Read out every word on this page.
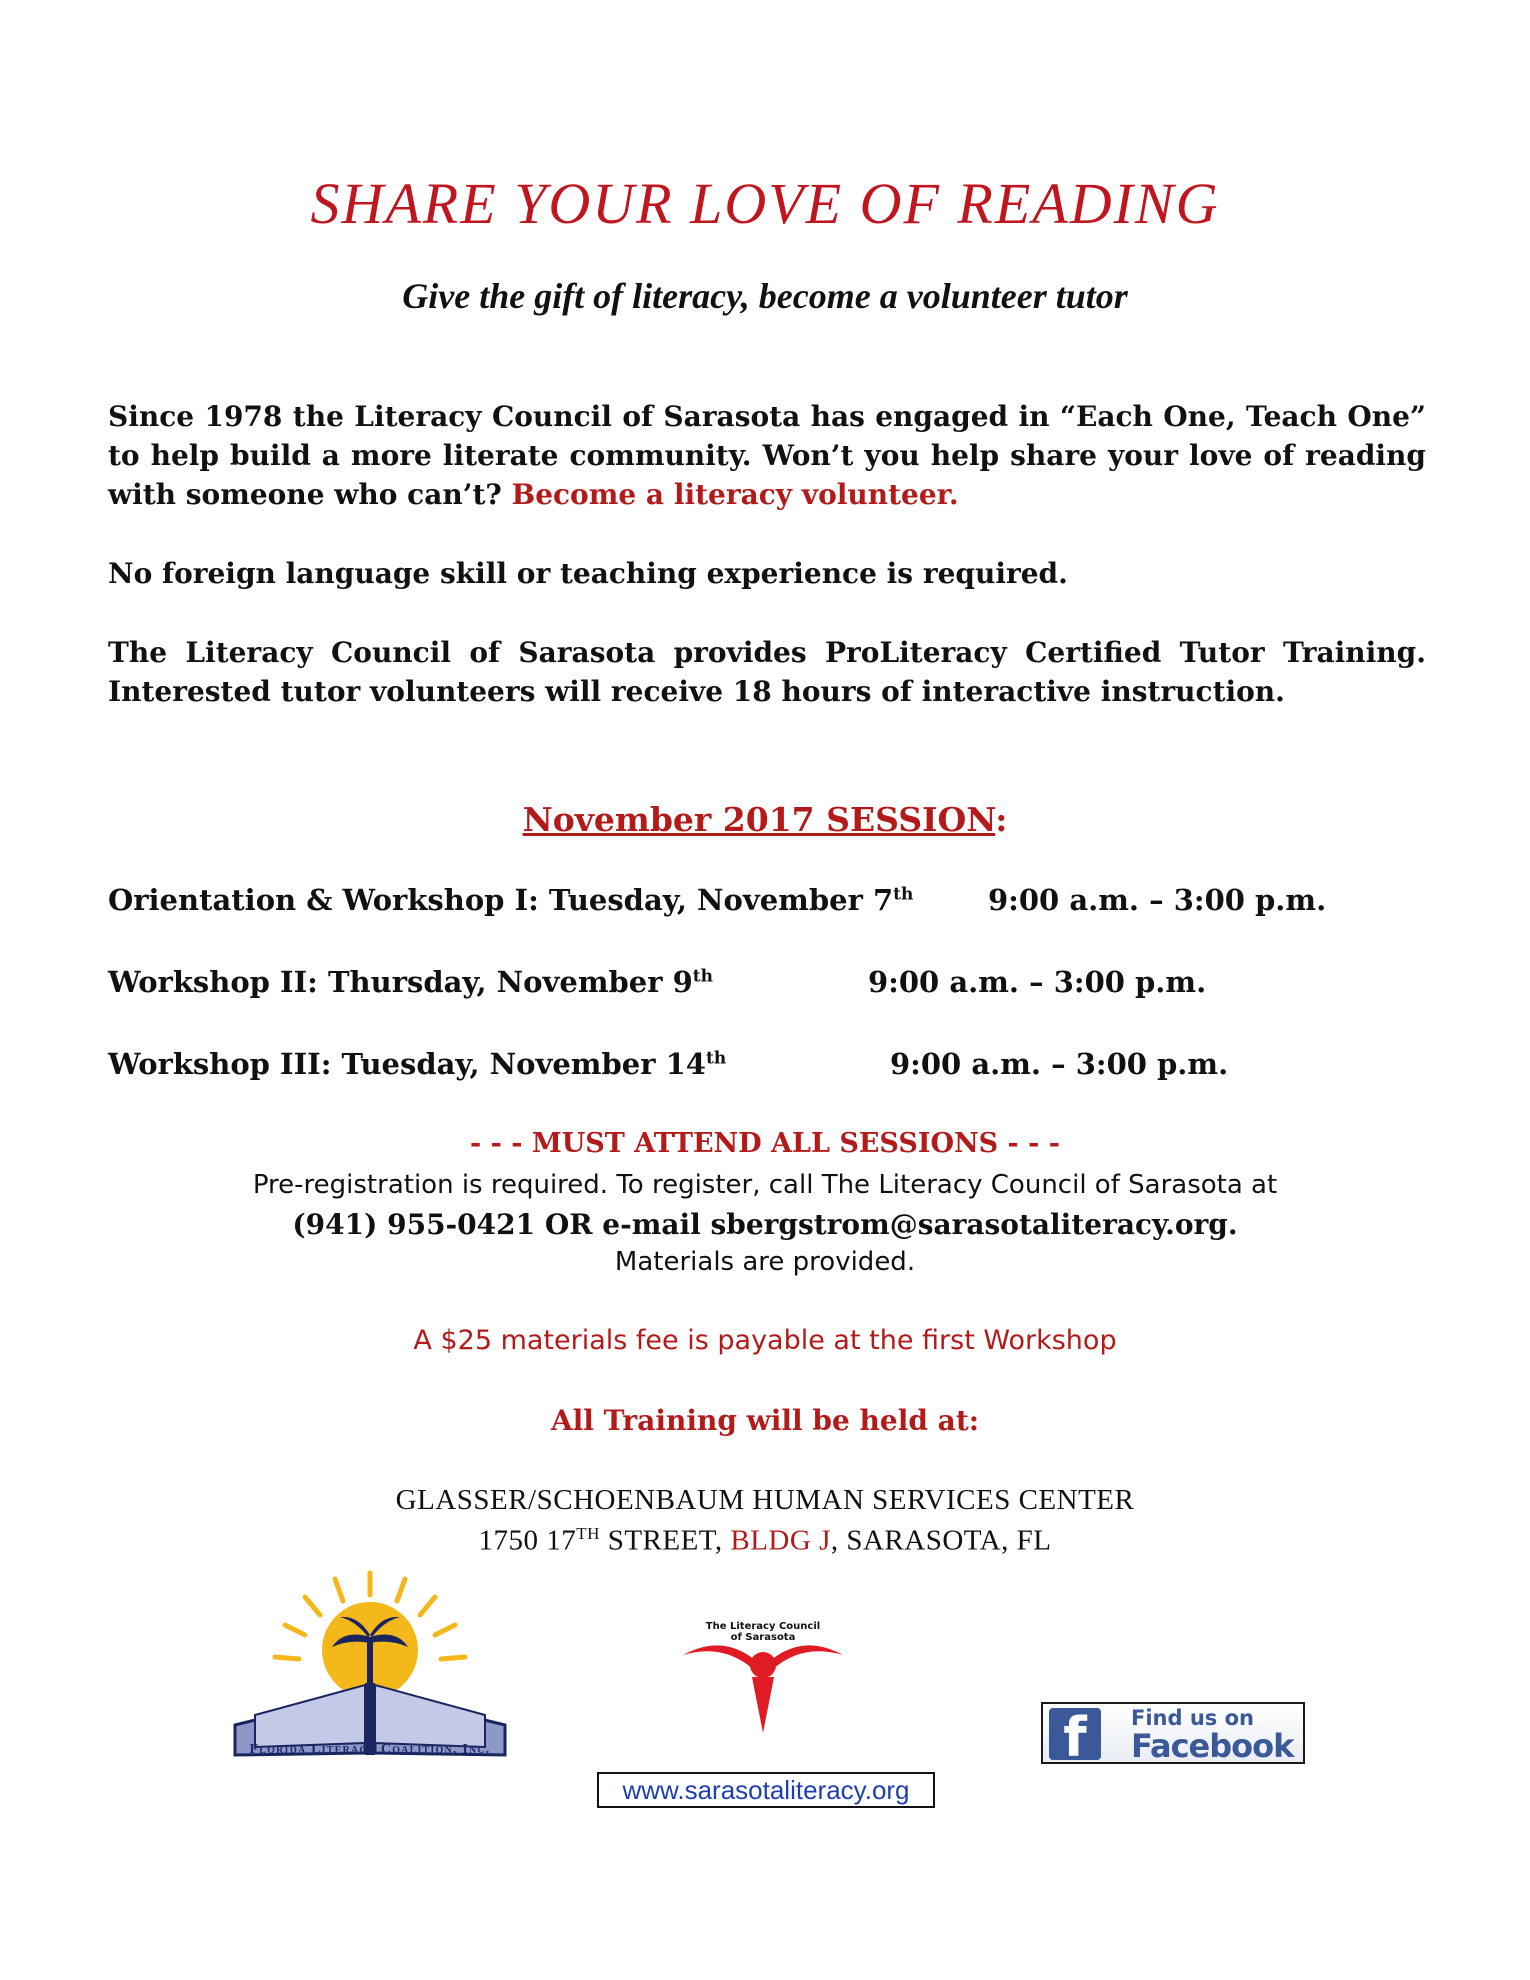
SHARE YOUR LOVE OF READING
Give the gift of literacy, become a volunteer tutor
Since 1978 the Literacy Council of Sarasota has engaged in “Each One, Teach One” to help build a more literate community. Won’t you help share your love of reading with someone who can’t? Become a literacy volunteer.
No foreign language skill or teaching experience is required.
The Literacy Council of Sarasota provides ProLiteracy Certified Tutor Training. Interested tutor volunteers will receive 18 hours of interactive instruction.
November 2017 SESSION:
Orientation & Workshop I: Tuesday, November 7th	9:00 a.m. – 3:00 p.m.
Workshop II: Thursday, November 9th	9:00 a.m. – 3:00 p.m.
Workshop III: Tuesday, November 14th	9:00 a.m. – 3:00 p.m.
- - - MUST ATTEND ALL SESSIONS - - -
Pre-registration is required. To register, call The Literacy Council of Sarasota at
(941) 955-0421 OR e-mail sbergstrom@sarasotaliteracy.org.
Materials are provided.
A $25 materials fee is payable at the first Workshop
All Training will be held at:
GLASSER/SCHOENBAUM HUMAN SERVICES CENTER
1750 17TH STREET, BLDG J, SARASOTA, FL
Florida Literacy Coalition, Inc.
The Literacy Council
of Sarasota
f	Find us on
Facebook
www.sarasotaliteracy.org
